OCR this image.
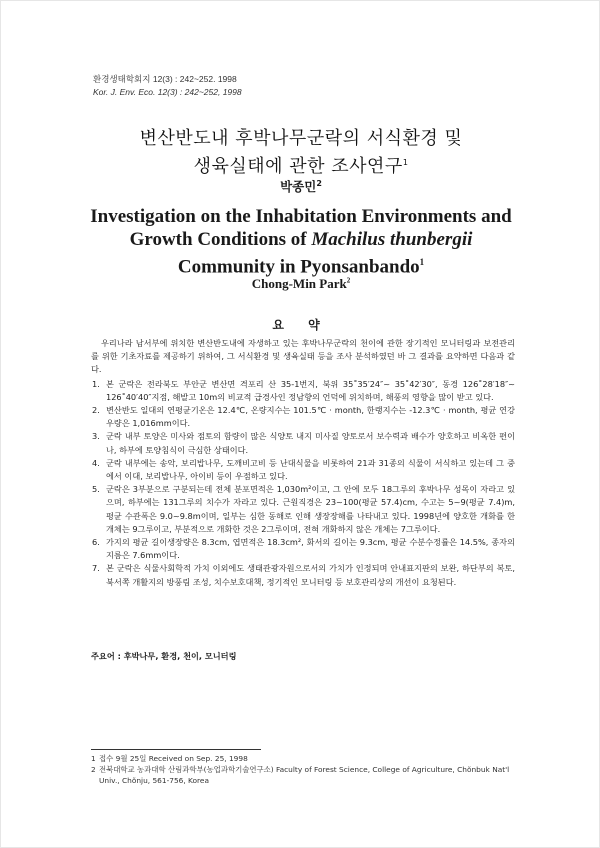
환경생태학회지 12(3) : 242~252. 1998
Kor. J. Env. Eco. 12(3) : 242~252, 1998
변산반도내 후박나무군락의 서식환경 및
생육실태에 관한 조사연구$^1$
박종민$^2$
Investigation on the Inhabitation Environments and
Growth Conditions of Machilus thunbergii
Community in Pyonsanbando$^1$
Chong-Min Park$^2$
요 약

우리나라 남서부에 위치한 변산반도내에 자생하고 있는 후박나무군락의 천이에 관한 장기적인 모니터링과 보전관리를 위한 기초자료를 제공하기 위하여, 그 서식환경 및 생육실태 등을 조사 분석하였던 바 그 결과를 요약하면 다음과 같다.

1. 본 군락은 전라북도 부안군 변산면 격포리 산 35-1번지, 북위 35˚35′24″~ 35˚42′30″, 동경 126˚28′18″~ 126˚40′40″지점, 해발고 10m의 비교적 급경사인 정남향의 언덕에 위치하며, 해풍의 영향을 많이 받고 있다.
2. 변산반도 일대의 연평균기온은 12.4℃, 온량지수는 101.5℃ · month, 한랭지수는 -12.3℃ · month, 평균 연강우량은 1,016mm이다.
3. 군락 내부 토양은 미사와 점토의 함량이 많은 식양토 내지 미사질 양토로서 보수력과 배수가 양호하고 비옥한 편이나, 하부에 토양침식이 극심한 상태이다.
4. 군락 내부에는 송악, 보리밥나무, 도깨비고비 등 난대식물을 비롯하여 21과 31종의 식물이 서식하고 있는데 그 중에서 이대, 보리밥나무, 아이비 등이 우점하고 있다.
5. 군락은 3부분으로 구분되는데 전체 분포면적은 1,030m²이고, 그 안에 모두 18그루의 후박나무 성목이 자라고 있으며, 하부에는 131그루의 치수가 자라고 있다. 근원직경은 23~100(평균 57.4)cm, 수고는 5~9(평균 7.4)m, 평균 수관폭은 9.0~9.8m이며, 일부는 심한 동해로 인해 생장장해를 나타내고 있다. 1998년에 양호한 개화를 한 개체는 9그루이고, 부분적으로 개화한 것은 2그루이며, 전혀 개화하지 않은 개체는 7그루이다.
6. 가지의 평균 길이생장량은 8.3cm, 엽면적은 18.3cm², 화서의 길이는 9.3cm, 평균 수분수정률은 14.5%, 종자의 지름은 7.6mm이다.
7. 본 군락은 식물사회학적 가치 이외에도 생태관광자원으로서의 가치가 인정되며 안내표지판의 보완, 하단부의 복토, 북서쪽 개활지의 방풍림 조성, 치수보호대책, 정기적인 모니터링 등 보호관리상의 개선이 요청된다.
주요어 : 후박나무, 환경, 천이, 모니터링
1 접수 9월 25일 Received on Sep. 25, 1998
2 전북대학교 농과대학 산림과학부(농업과학기술연구소) Faculty of Forest Science, College of Agriculture, Chŏnbuk Nat'l Univ., Chŏnju, 561-756, Korea
